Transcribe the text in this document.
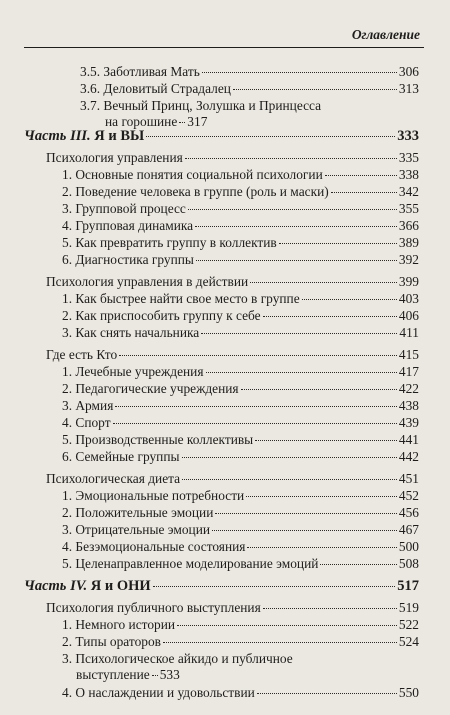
Оглавление
3.5. Заботливая Мать	306
3.6. Деловитый Страдалец	313
3.7. Вечный Принц, Золушка и Принцесса
на горошине 317
Часть III. Я и ВЫ	333
Психология управления	335
1. Основные понятия социальной психологии	338
2. Поведение человека в группе (роль и маски)	342
3. Групповой процесс	355
4. Групповая динамика	366
5. Как превратить группу в коллектив	389
6. Диагностика группы	392
Психология управления в действии	399
1. Как быстрее найти свое место в группе	403
2. Как приспособить группу к себе	406
3. Как снять начальника	411
Где есть Кто	415
1. Лечебные учреждения	417
2. Педагогические учреждения	422
3. Армия	438
4. Спорт	439
5. Производственные коллективы	441
6. Семейные группы	442
Психологическая диета	451
1. Эмоциональные потребности	452
2. Положительные эмоции	456
3. Отрицательные эмоции	467
4. Безэмоциональные состояния	500
5. Целенаправленное моделирование эмоций	508
Часть IV. Я и ОНИ	517
Психология публичного выступления	519
1. Немного истории	522
2. Типы ораторов	524
3. Психологическое айкидо и публичное
выступление 533
4. О наслаждении и удовольствии	550
